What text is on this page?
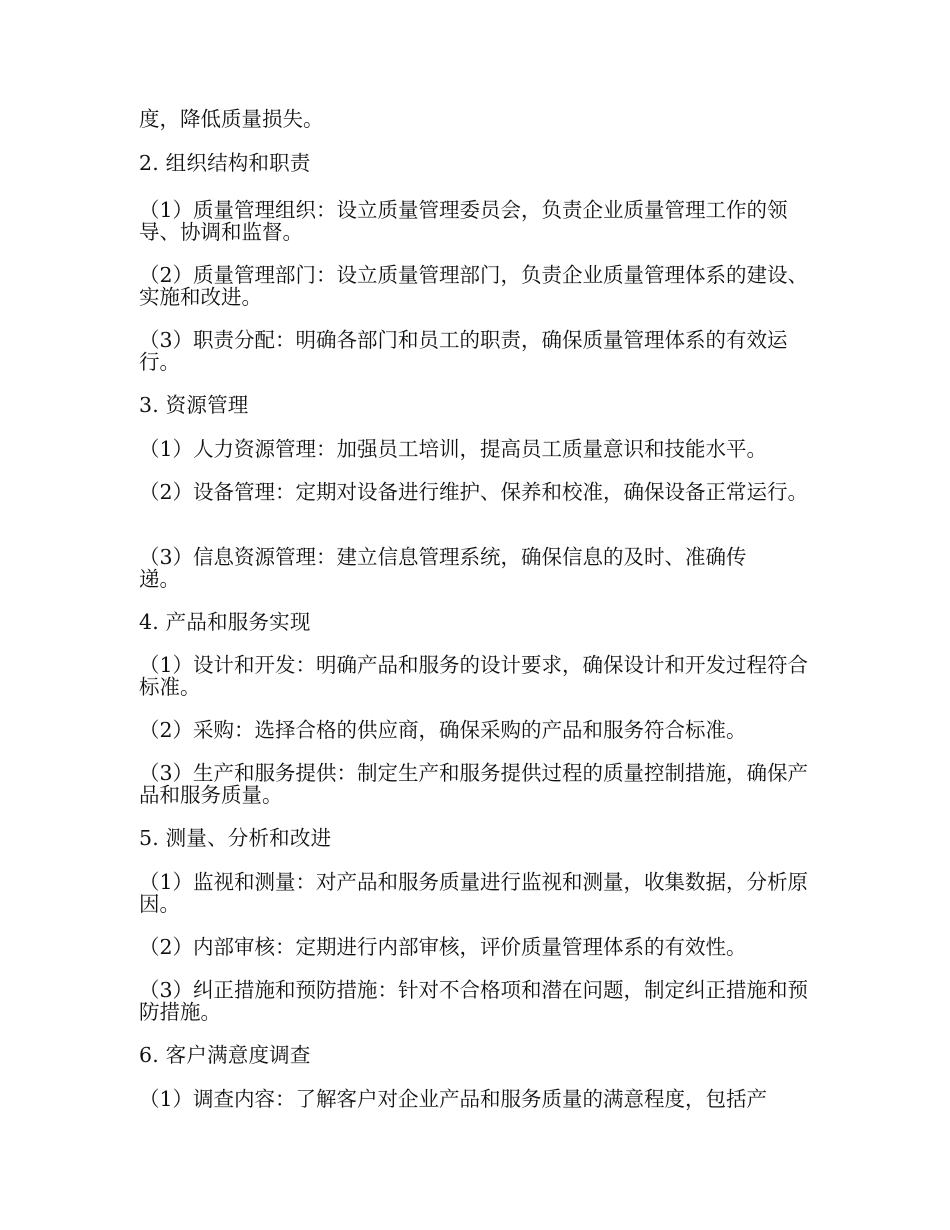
度，降低质量损失。

2. 组织结构和职责

（1）质量管理组织：设立质量管理委员会，负责企业质量管理工作的领导、协调和监督。

（2）质量管理部门：设立质量管理部门，负责企业质量管理体系的建设、实施和改进。

（3）职责分配：明确各部门和员工的职责，确保质量管理体系的有效运行。

3. 资源管理

（1）人力资源管理：加强员工培训，提高员工质量意识和技能水平。

（2）设备管理：定期对设备进行维护、保养和校准，确保设备正常运行。

（3）信息资源管理：建立信息管理系统，确保信息的及时、准确传递。

4. 产品和服务实现

（1）设计和开发：明确产品和服务的设计要求，确保设计和开发过程符合标准。

（2）采购：选择合格的供应商，确保采购的产品和服务符合标准。

（3）生产和服务提供：制定生产和服务提供过程的质量控制措施，确保产品和服务质量。

5. 测量、分析和改进

（1）监视和测量：对产品和服务质量进行监视和测量，收集数据，分析原因。

（2）内部审核：定期进行内部审核，评价质量管理体系的有效性。

（3）纠正措施和预防措施：针对不合格项和潜在问题，制定纠正措施和预防措施。

6. 客户满意度调查

（1）调查内容：了解客户对企业产品和服务质量的满意程度，包括产
